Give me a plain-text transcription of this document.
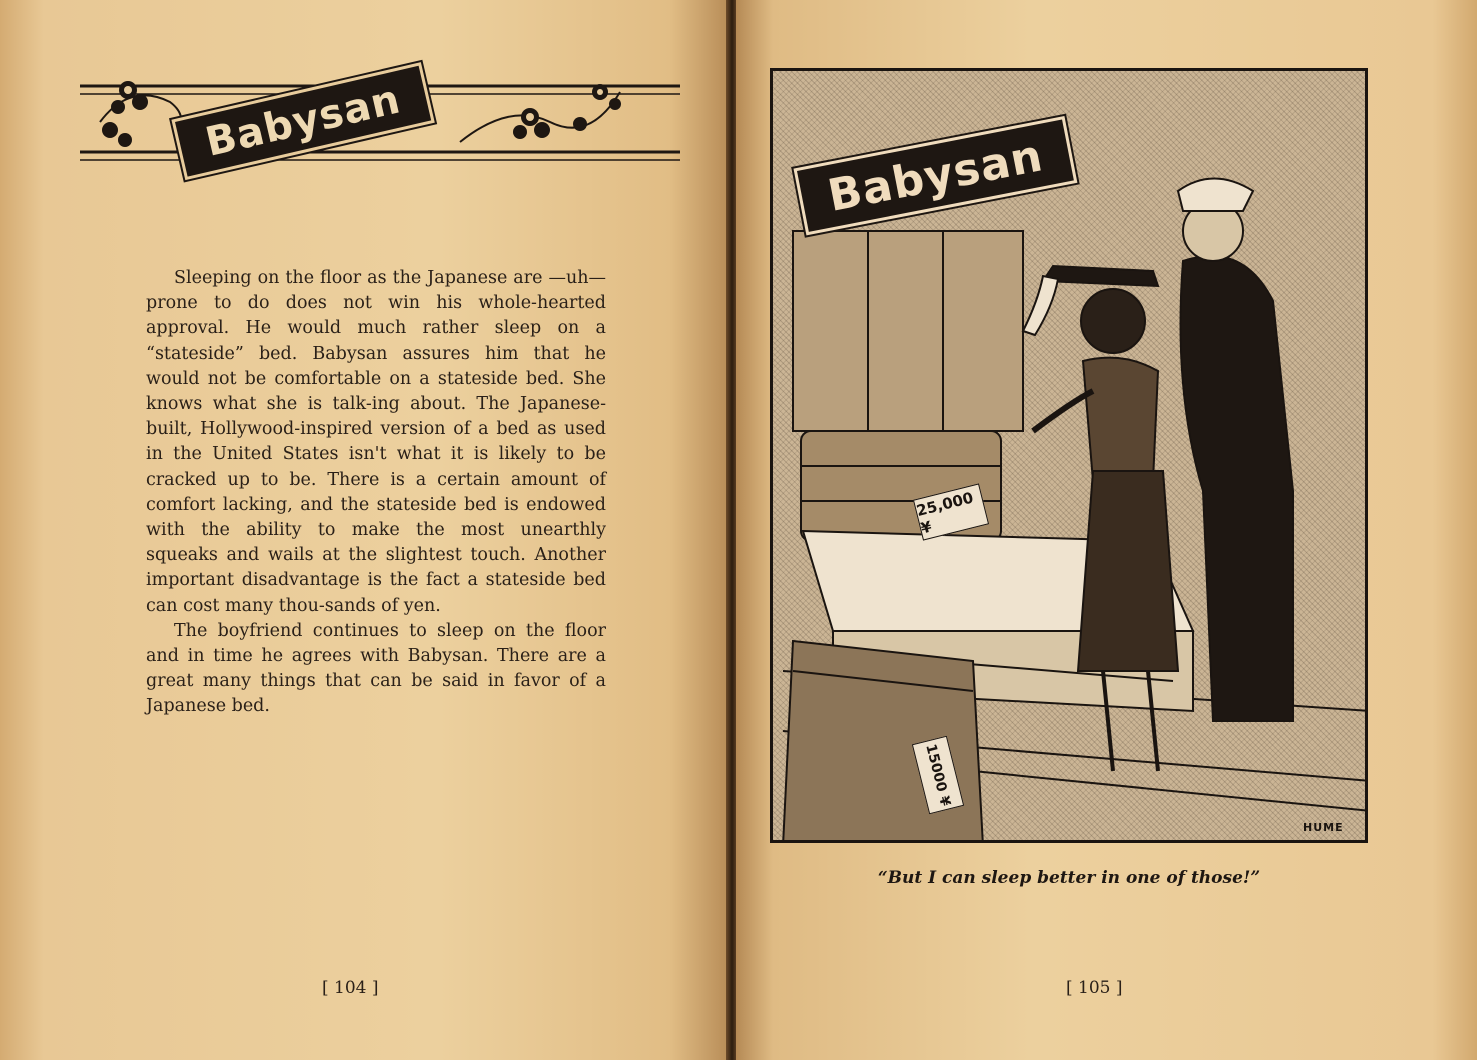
Babysan

Sleeping on the floor as the Japanese are —uh—prone to do does not win his whole-hearted approval. He would much rather sleep on a “stateside” bed. Babysan assures him that he would not be comfortable on a stateside bed. She knows what she is talk-ing about. The Japanese-built, Hollywood-inspired version of a bed as used in the United States isn't what it is likely to be cracked up to be. There is a certain amount of comfort lacking, and the stateside bed is endowed with the ability to make the most unearthly squeaks and wails at the slightest touch. Another important disadvantage is the fact a stateside bed can cost many thou-sands of yen.

The boyfriend continues to sleep on the floor and in time he agrees with Babysan. There are a great many things that can be said in favor of a Japanese bed.

[ 104 ]
Babysan
25,000 ¥
15000 ¥
HUME
“But I can sleep better in one of those!”
[ 105 ]
